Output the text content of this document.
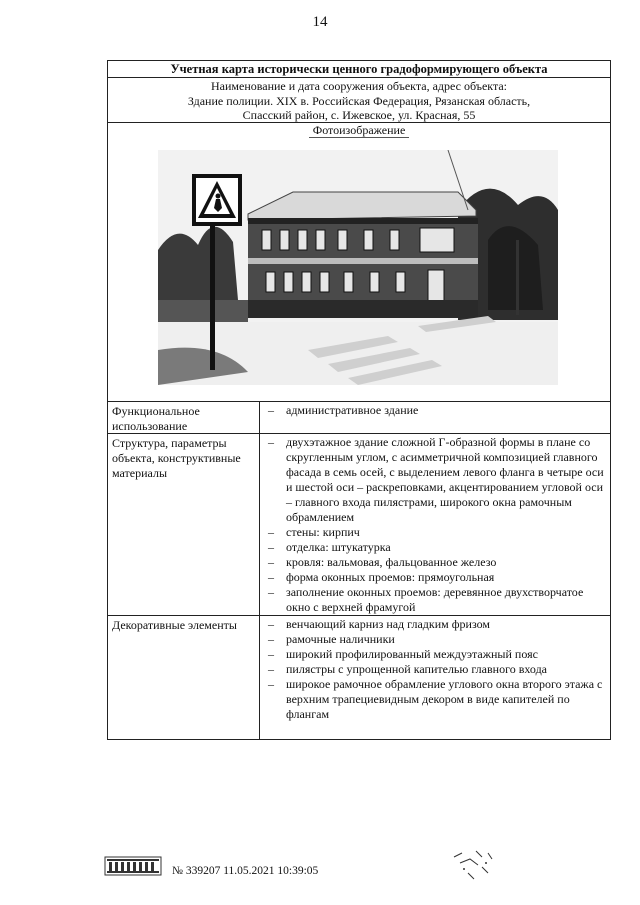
14
Учетная карта исторически ценного градоформирующего объекта
Наименование и дата сооружения объекта, адрес объекта:
Здание полиции. XIX в. Российская Федерация, Рязанская область,
Спасский район, с. Ижевское, ул. Красная, 55
Фотоизображение
Функциональное использование
– административное здание
Структура, параметры объекта, конструктивные материалы
– двухэтажное здание сложной Г-образной формы в плане со скругленным углом, с асимметричной композицией главного фасада в семь осей, с выделением левого фланга в четыре оси и шестой оси – раскреповками, акцентированием угловой оси – главного входа пилястрами, широкого окна рамочным обрамлением
– стены: кирпич
– отделка: штукатурка
– кровля: вальмовая, фальцованное железо
– форма оконных проемов: прямоугольная
– заполнение оконных проемов: деревянное двухстворчатое окно с верхней фрамугой
Декоративные элементы
–	венчающий карниз над гладким фризом
– рамочные наличники
– широкий профилированный междуэтажный пояс
– пилястры с упрощенной капителью главного входа
– широкое рамочное обрамление углового окна второго этажа с верхним трапециевидным декором в виде капителей по флангам
№ 339207 11.05.2021 10:39:05
